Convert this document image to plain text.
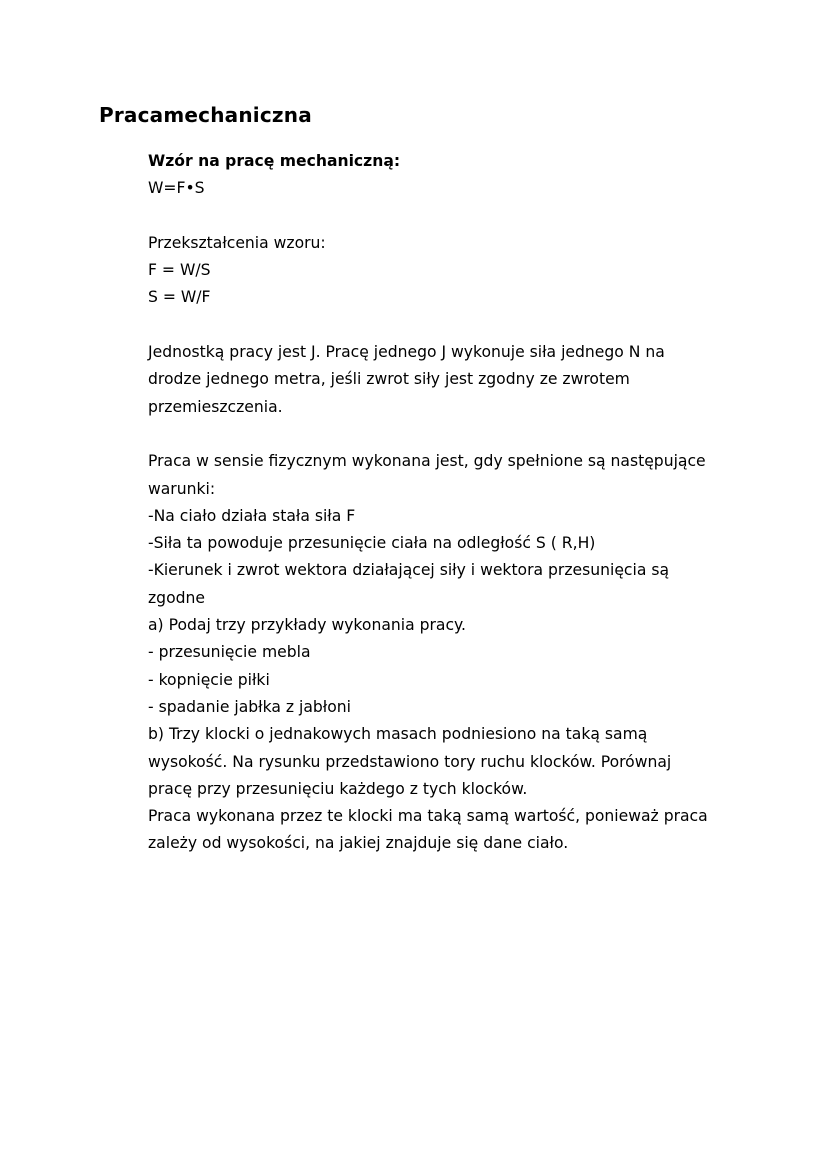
Pracamechaniczna
Wzór na pracę mechaniczną:
W=F•S
Przekształcenia wzoru:
F = W/S
S = W/F
Jednostką pracy jest J. Pracę jednego J wykonuje siła jednego N na
drodze jednego metra, jeśli zwrot siły jest zgodny ze zwrotem
przemieszczenia.
Praca w sensie fizycznym wykonana jest, gdy spełnione są następujące
warunki:
-Na ciało działa stała siła F
-Siła ta powoduje przesunięcie ciała na odległość S ( R,H)
-Kierunek i zwrot wektora działającej siły i wektora przesunięcia są
zgodne
a) Podaj trzy przykłady wykonania pracy.
- przesunięcie mebla
- kopnięcie piłki
- spadanie jabłka z jabłoni
b) Trzy klocki o jednakowych masach podniesiono na taką samą
wysokość. Na rysunku przedstawiono tory ruchu klocków. Porównaj
pracę przy przesunięciu każdego z tych klocków.
Praca wykonana przez te klocki ma taką samą wartość, ponieważ praca
zależy od wysokości, na jakiej znajduje się dane ciało.
